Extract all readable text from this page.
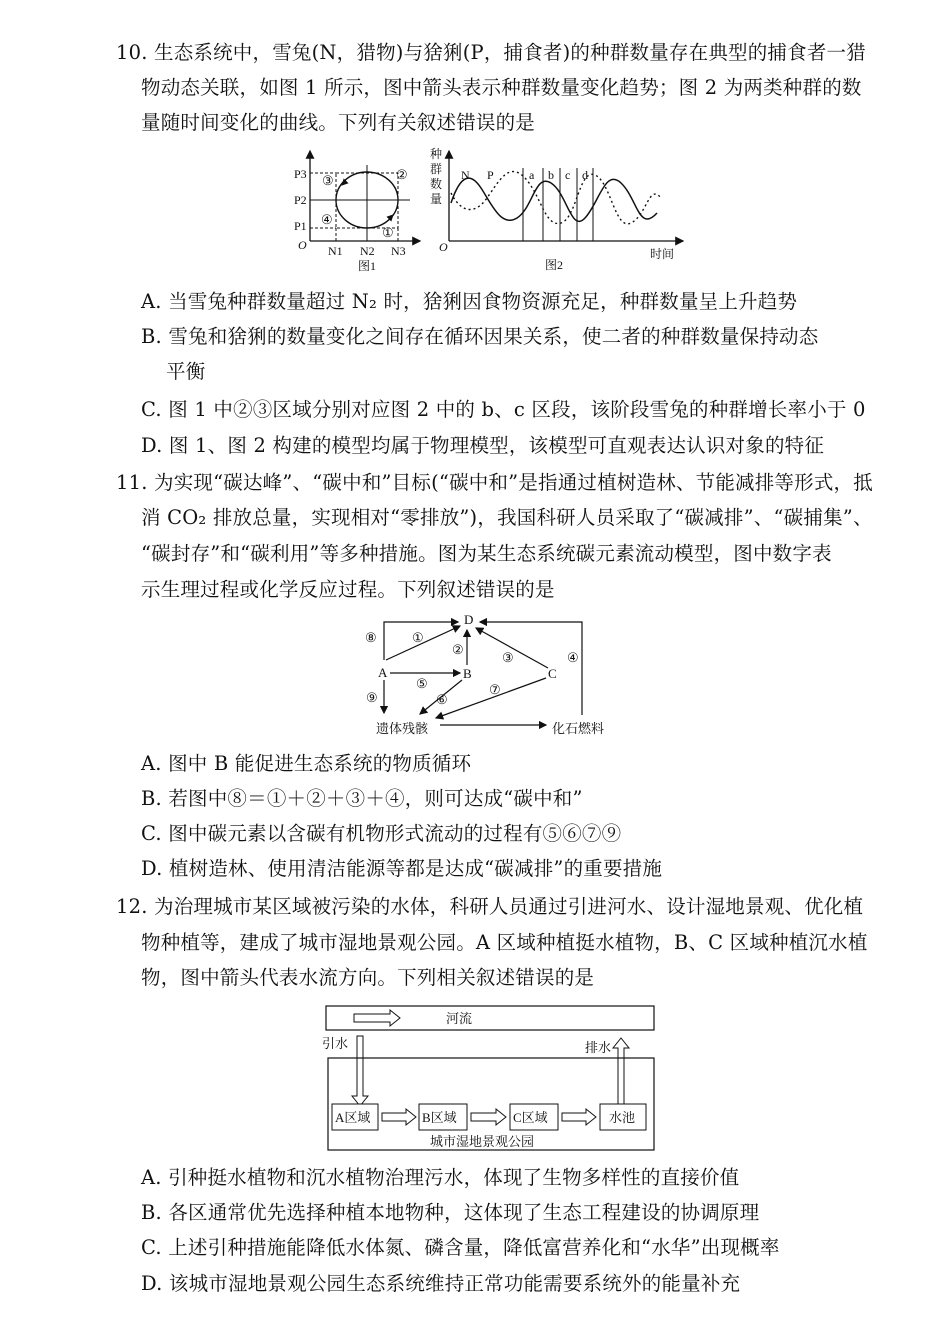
10. 生态系统中，雪兔(N，猎物)与猞猁(P，捕食者)的种群数量存在典型的捕食者一猎
物动态关联，如图 1 所示，图中箭头表示种群数量变化趋势；图 2 为两类种群的数
量随时间变化的曲线。下列有关叙述错误的是
P3
P2
P1
O N1 N2 N3
③	②
④
①
图1
种
群
数
量
O	时间
N P	a b c d
图2
A. 当雪兔种群数量超过 N₂ 时，猞猁因食物资源充足，种群数量呈上升趋势
B. 雪兔和猞猁的数量变化之间存在循环因果关系，使二者的种群数量保持动态
平衡
C. 图 1 中②③区域分别对应图 2 中的 b、c 区段，该阶段雪兔的种群增长率小于 0
D. 图 1、图 2 构建的模型均属于物理模型，该模型可直观表达认识对象的特征
11. 为实现“碳达峰”、“碳中和”目标(“碳中和”是指通过植树造林、节能减排等形式，抵
消 CO₂ 排放总量，实现相对“零排放”)，我国科研人员采取了“碳减排”、“碳捕集”、
“碳封存”和“碳利用”等多种措施。图为某生态系统碳元素流动模型，图中数字表
示生理过程或化学反应过程。下列叙述错误的是
D
A	B	C
遗体残骸	化石燃料
⑧	①
②
③	④
⑤
⑥
⑦
⑨
A. 图中 B 能促进生态系统的物质循环
B. 若图中⑧＝①＋②＋③＋④，则可达成“碳中和”
C. 图中碳元素以含碳有机物形式流动的过程有⑤⑥⑦⑨
D. 植树造林、使用清洁能源等都是达成“碳减排”的重要措施
12. 为治理城市某区域被污染的水体，科研人员通过引进河水、设计湿地景观、优化植
物种植等，建成了城市湿地景观公园。A 区域种植挺水植物，B、C 区域种植沉水植
物，图中箭头代表水流方向。下列相关叙述错误的是
河流
引水	排水
A区域	B区域	C区域	水池
城市湿地景观公园
A. 引种挺水植物和沉水植物治理污水，体现了生物多样性的直接价值
B. 各区通常优先选择种植本地物种，这体现了生态工程建设的协调原理
C. 上述引种措施能降低水体氮、磷含量，降低富营养化和“水华”出现概率
D. 该城市湿地景观公园生态系统维持正常功能需要系统外的能量补充
